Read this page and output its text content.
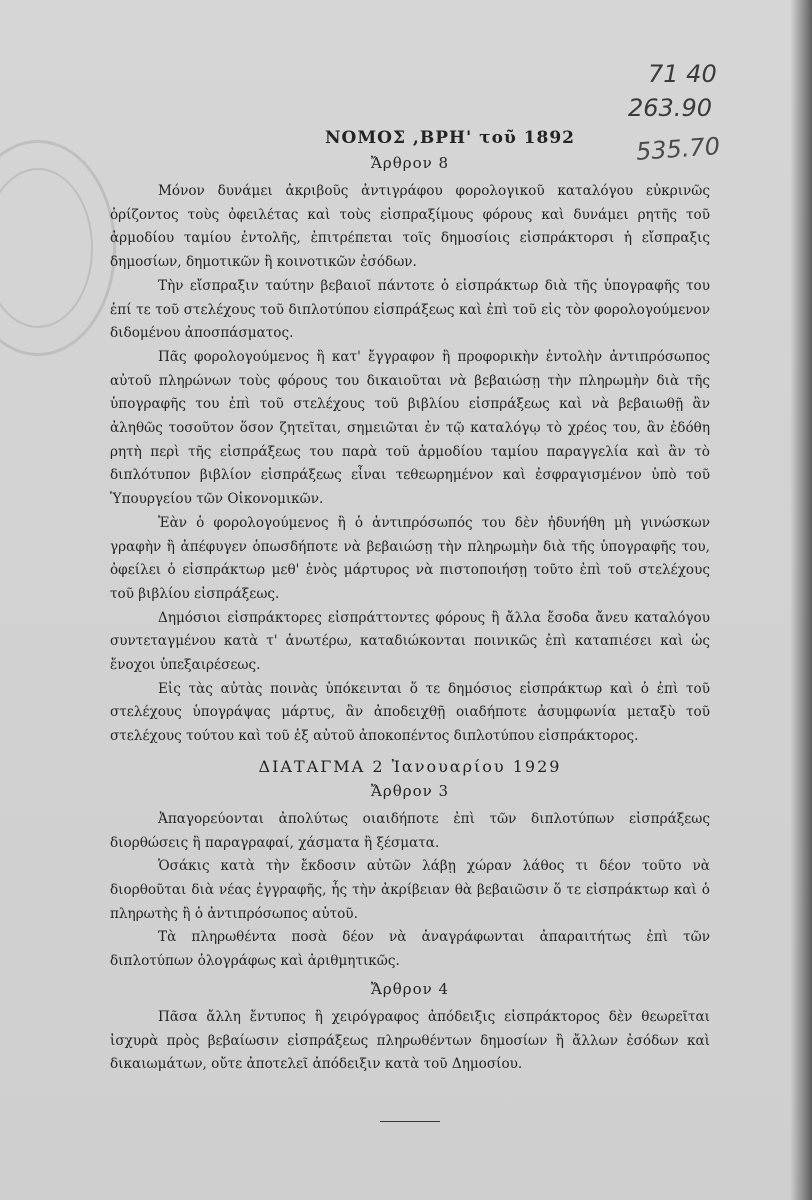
71 40
263.90
535.70
ΝΟΜΟΣ ,ΒΡΗ' τοῦ 1892
Ἄρθρον 8

Μόνον δυνάμει ἀκριβοῦς ἀντιγράφου φορολογικοῦ καταλόγου εὐκρινῶς ὁρίζοντος τοὺς ὀφειλέτας καὶ τοὺς εἰσπραξίμους φόρους καὶ δυνάμει ρητῆς τοῦ ἁρμοδίου ταμίου ἐντολῆς, ἐπιτρέπεται τοῖς δημοσίοις εἰσπράκτορσι ἡ εἴσπραξις δημοσίων, δημοτικῶν ἢ κοινοτικῶν ἐσόδων.

Τὴν εἴσπραξιν ταύτην βεβαιοῖ πάντοτε ὁ εἰσπράκτωρ διὰ τῆς ὑπογραφῆς του ἐπί τε τοῦ στελέχους τοῦ διπλοτύπου εἰσπράξεως καὶ ἐπὶ τοῦ εἰς τὸν φορολογούμενον διδομένου ἀποσπάσματος.

Πᾶς φορολογούμενος ἢ κατ' ἔγγραφον ἢ προφορικὴν ἐντολὴν ἀντιπρόσωπος αὐτοῦ πληρώνων τοὺς φόρους του δικαιοῦται νὰ βεβαιώσῃ τὴν πληρωμὴν διὰ τῆς ὑπογραφῆς του ἐπὶ τοῦ στελέχους τοῦ βιβλίου εἰσπράξεως καὶ νὰ βεβαιωθῇ ἂν ἀληθῶς τοσοῦτον ὅσον ζητεῖται, σημειῶται ἐν τῷ καταλόγῳ τὸ χρέος του, ἂν ἐδόθη ρητὴ περὶ τῆς εἰσπράξεως του παρὰ τοῦ ἁρμοδίου ταμίου παραγγελία καὶ ἂν τὸ διπλότυπον βιβλίον εἰσπράξεως εἶναι τεθεωρημένον καὶ ἐσφραγισμένον ὑπὸ τοῦ Ὑπουργείου τῶν Οἰκονομικῶν.

Ἐὰν ὁ φορολογούμενος ἢ ὁ ἀντιπρόσωπός του δὲν ἠδυνήθη μὴ γινώσκων γραφὴν ἢ ἀπέφυγεν ὁπωσδήποτε νὰ βεβαιώσῃ τὴν πληρωμὴν διὰ τῆς ὑπογραφῆς του, ὀφείλει ὁ εἰσπράκτωρ μεθ' ἑνὸς μάρτυρος νὰ πιστοποιήσῃ τοῦτο ἐπὶ τοῦ στελέχους τοῦ βιβλίου εἰσπράξεως.

Δημόσιοι εἰσπράκτορες εἰσπράττοντες φόρους ἢ ἄλλα ἔσοδα ἄνευ καταλόγου συντεταγμένου κατὰ τ' ἀνωτέρω, καταδιώκονται ποινικῶς ἐπὶ καταπιέσει καὶ ὡς ἔνοχοι ὑπεξαιρέσεως.

Εἰς τὰς αὐτὰς ποινὰς ὑπόκεινται ὅ τε δημόσιος εἰσπράκτωρ καὶ ὁ ἐπὶ τοῦ στελέχους ὑπογράψας μάρτυς, ἂν ἀποδειχθῇ οιαδήποτε ἀσυμφωνία μεταξὺ τοῦ στελέχους τούτου καὶ τοῦ ἐξ αὐτοῦ ἀποκοπέντος διπλοτύπου εἰσπράκτορος.

ΔΙΑΤΑΓΜΑ 2 Ἰανουαρίου 1929
Ἄρθρον 3

Ἀπαγορεύονται ἀπολύτως οιαιδήποτε ἐπὶ τῶν διπλοτύπων εἰσπράξεως διορθώσεις ἢ παραγραφαί, χάσματα ἢ ξέσματα.

Ὁσάκις κατὰ τὴν ἔκδοσιν αὐτῶν λάβῃ χώραν λάθος τι δέον τοῦτο νὰ διορθοῦται διὰ νέας ἐγγραφῆς, ἧς τὴν ἀκρίβειαν θὰ βεβαιῶσιν ὅ τε εἰσπράκτωρ καὶ ὁ πληρωτὴς ἢ ὁ ἀντιπρόσωπος αὐτοῦ.

Τὰ πληρωθέντα ποσὰ δέον νὰ ἀναγράφωνται ἀπαραιτήτως ἐπὶ τῶν διπλοτύπων ὁλογράφως καὶ ἀριθμητικῶς.

Ἄρθρον 4

Πᾶσα ἄλλη ἔντυπος ἢ χειρόγραφος ἀπόδειξις εἰσπράκτορος δὲν θεωρεῖται ἰσχυρὰ πρὸς βεβαίωσιν εἰσπράξεως πληρωθέντων δημοσίων ἢ ἄλλων ἐσόδων καὶ δικαιωμάτων, οὔτε ἀποτελεῖ ἀπόδειξιν κατὰ τοῦ Δημοσίου.
